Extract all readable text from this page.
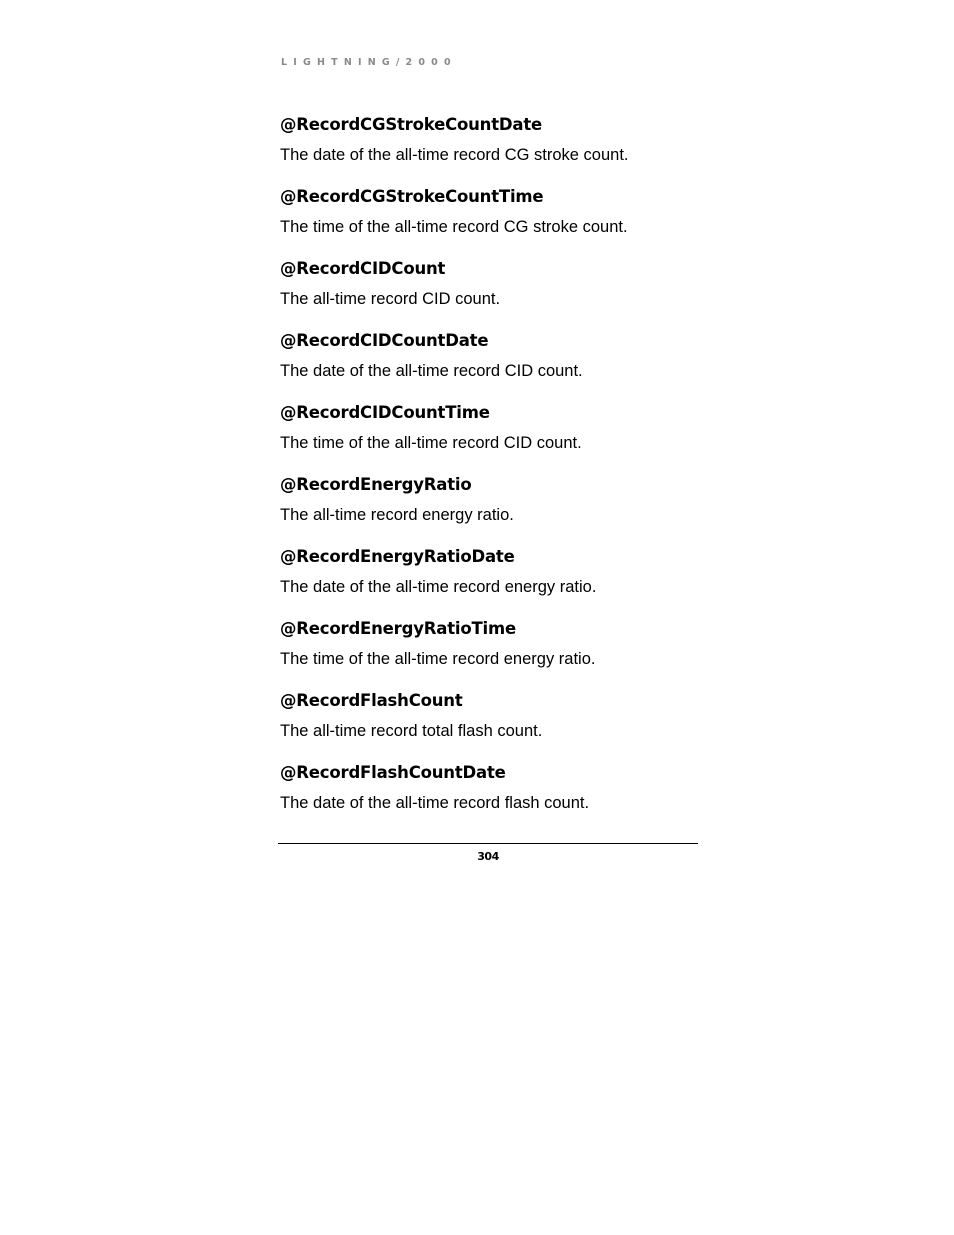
LIGHTNING/2000
@RecordCGStrokeCountDate
The date of the all-time record CG stroke count.
@RecordCGStrokeCountTime
The time of the all-time record CG stroke count.
@RecordCIDCount
The all-time record CID count.
@RecordCIDCountDate
The date of the all-time record CID count.
@RecordCIDCountTime
The time of the all-time record CID count.
@RecordEnergyRatio
The all-time record energy ratio.
@RecordEnergyRatioDate
The date of the all-time record energy ratio.
@RecordEnergyRatioTime
The time of the all-time record energy ratio.
@RecordFlashCount
The all-time record total flash count.
@RecordFlashCountDate
The date of the all-time record flash count.
304
